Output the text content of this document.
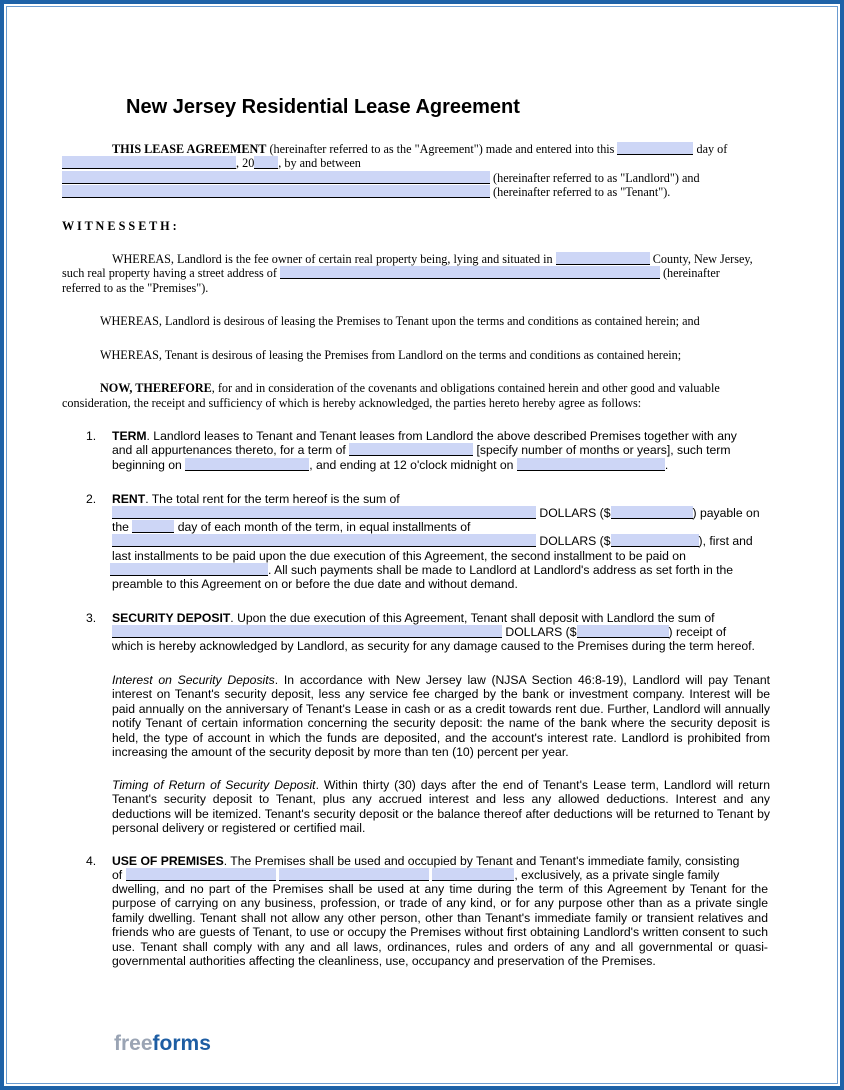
New Jersey Residential Lease Agreement
THIS LEASE AGREEMENT (hereinafter referred to as the "Agreement") made and entered into this	day of
, 20 , by and between
(hereinafter referred to as "Landlord") and
(hereinafter referred to as "Tenant").
W I T N E S S E T H :
WHEREAS, Landlord is the fee owner of certain real property being, lying and situated in	County, New Jersey,
such real property having a street address of	(hereinafter
referred to as the "Premises").
WHEREAS, Landlord is desirous of leasing the Premises to Tenant upon the terms and conditions as contained herein; and
WHEREAS, Tenant is desirous of leasing the Premises from Landlord on the terms and conditions as contained herein;
NOW, THEREFORE, for and in consideration of the covenants and obligations contained herein and other good and valuable
consideration, the receipt and sufficiency of which is hereby acknowledged, the parties hereto hereby agree as follows:
1. TERM. Landlord leases to Tenant and Tenant leases from Landlord the above described Premises together with any
and all appurtenances thereto, for a term of	[specify number of months or years], such term
beginning on	, and ending at 12 o'clock midnight on	.
2. RENT. The total rent for the term hereof is the sum of
DOLLARS ($	) payable on
the	day of each month of the term, in equal installments of
DOLLARS ($	), first and
last installments to be paid upon the due execution of this Agreement, the second installment to be paid on
. All such payments shall be made to Landlord at Landlord's address as set forth in the
preamble to this Agreement on or before the due date and without demand.
3. SECURITY DEPOSIT. Upon the due execution of this Agreement, Tenant shall deposit with Landlord the sum of
DOLLARS ($	) receipt of
which is hereby acknowledged by Landlord, as security for any damage caused to the Premises during the term hereof.
Interest on Security Deposits. In accordance with New Jersey law (NJSA Section 46:8-19), Landlord will pay Tenant interest on Tenant's security deposit, less any service fee charged by the bank or investment company. Interest will be paid annually on the anniversary of Tenant's Lease in cash or as a credit towards rent due. Further, Landlord will annually notify Tenant of certain information concerning the security deposit: the name of the bank where the security deposit is held, the type of account in which the funds are deposited, and the account's interest rate. Landlord is prohibited from increasing the amount of the security deposit by more than ten (10) percent per year.
Timing of Return of Security Deposit. Within thirty (30) days after the end of Tenant's Lease term, Landlord will return Tenant's security deposit to Tenant, plus any accrued interest and less any allowed deductions. Interest and any deductions will be itemized. Tenant's security deposit or the balance thereof after deductions will be returned to Tenant by personal delivery or registered or certified mail.
4. USE OF PREMISES. The Premises shall be used and occupied by Tenant and Tenant's immediate family, consisting
of	, exclusively, as a private single family
dwelling, and no part of the Premises shall be used at any time during the term of this Agreement by Tenant for the purpose of carrying on any business, profession, or trade of any kind, or for any purpose other than as a private single family dwelling. Tenant shall not allow any other person, other than Tenant's immediate family or transient relatives and friends who are guests of Tenant, to use or occupy the Premises without first obtaining Landlord's written consent to such use. Tenant shall comply with any and all laws, ordinances, rules and orders of any and all governmental or quasi-governmental authorities affecting the cleanliness, use, occupancy and preservation of the Premises.
freeforms
